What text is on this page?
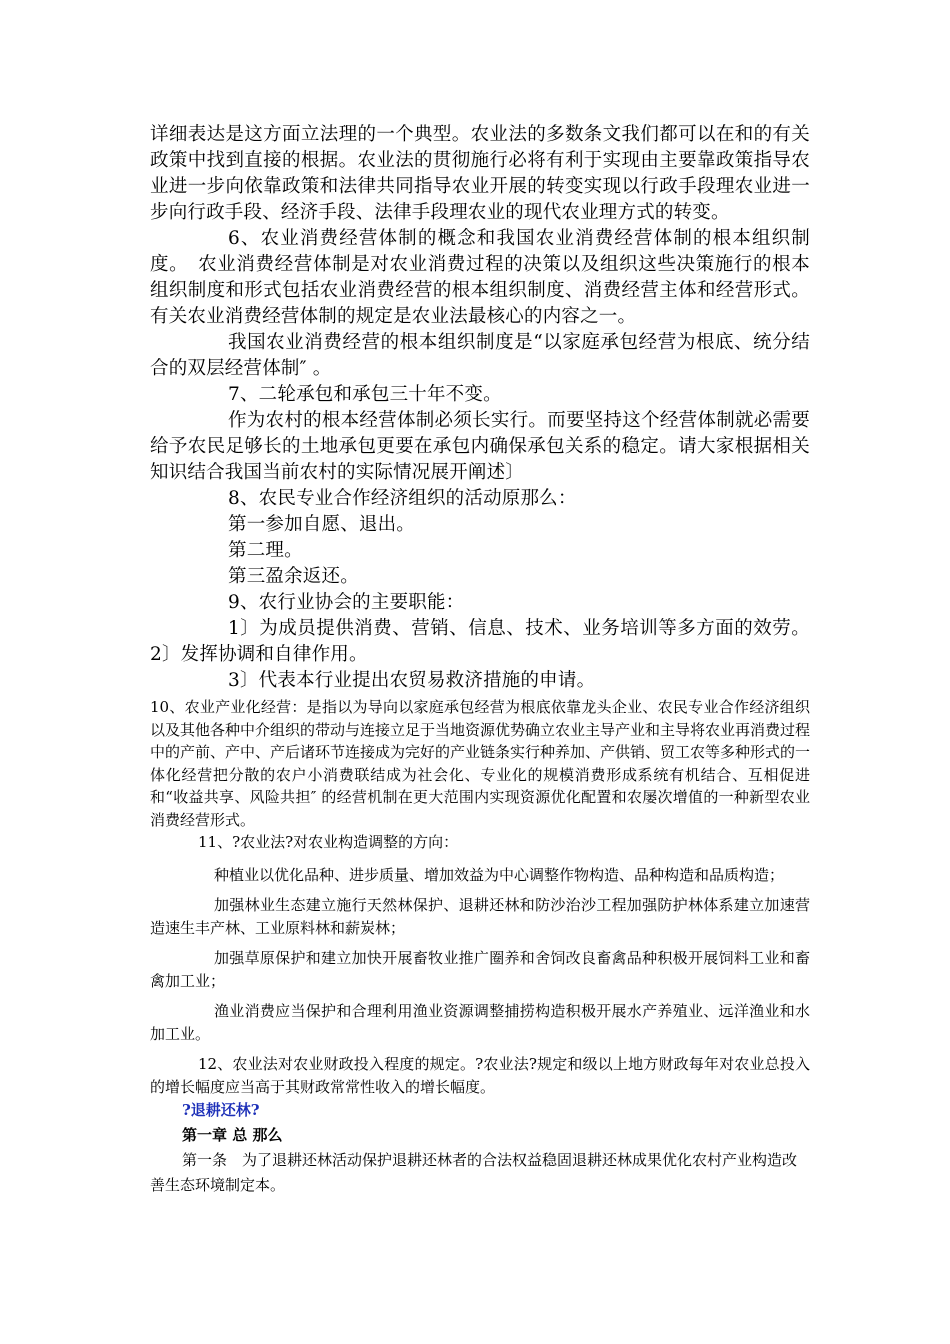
详细表达是这方面立法理的一个典型。农业法的多数条文我们都可以在和的有关政策中找到直接的根据。农业法的贯彻施行必将有利于实现由主要靠政策指导农业进一步向依靠政策和法律共同指导农业开展的转变实现以行政手段理农业进一步向行政手段、经济手段、法律手段理农业的现代农业理方式的转变。

6、农业消费经营体制的概念和我国农业消费经营体制的根本组织制度。　农业消费经营体制是对农业消费过程的决策以及组织这些决策施行的根本组织制度和形式包括农业消费经营的根本组织制度、消费经营主体和经营形式。有关农业消费经营体制的规定是农业法最核心的内容之一。

我国农业消费经营的根本组织制度是“以家庭承包经营为根底、统分结合的双层经营体制″ 。

7、二轮承包和承包三十年不变。

作为农村的根本经营体制必须长实行。而要坚持这个经营体制就必需要给予农民足够长的土地承包更要在承包内确保承包关系的稳定。请大家根据相关知识结合我国当前农村的实际情况展开阐述〕

8、农民专业合作经济组织的活动原那么：

第一参加自愿、退出。

第二理。

第三盈余返还。

9、农行业协会的主要职能：

1〕为成员提供消费、营销、信息、技术、业务培训等多方面的效劳。2〕发挥协调和自律作用。

3〕代表本行业提出农贸易救济措施的申请。

10、农业产业化经营：是指以为导向以家庭承包经营为根底依靠龙头企业、农民专业合作经济组织以及其他各种中介组织的带动与连接立足于当地资源优势确立农业主导产业和主导将农业再消费过程中的产前、产中、产后诸环节连接成为完好的产业链条实行种养加、产供销、贸工农等多种形式的一体化经营把分散的农户小消费联结成为社会化、专业化的规模消费形成系统有机结合、互相促进和“收益共享、风险共担″ 的经营机制在更大范围内实现资源优化配置和农屡次增值的一种新型农业消费经营形式。

11、?农业法?对农业构造调整的方向：

种植业以优化品种、进步质量、增加效益为中心调整作物构造、品种构造和品质构造；

加强林业生态建立施行天然林保护、退耕还林和防沙治沙工程加强防护林体系建立加速营造速生丰产林、工业原料林和薪炭林；

加强草原保护和建立加快开展畜牧业推广圈养和舍饲改良畜禽品种积极开展饲料工业和畜禽加工业；

渔业消费应当保护和合理利用渔业资源调整捕捞构造积极开展水产养殖业、远洋渔业和水加工业。

12、农业法对农业财政投入程度的规定。?农业法?规定和级以上地方财政每年对农业总投入的增长幅度应当高于其财政常常性收入的增长幅度。

?退耕还林?

第一章 总 那么

第一条　为了退耕还林活动保护退耕还林者的合法权益稳固退耕还林成果优化农村产业构造改善生态环境制定本。
